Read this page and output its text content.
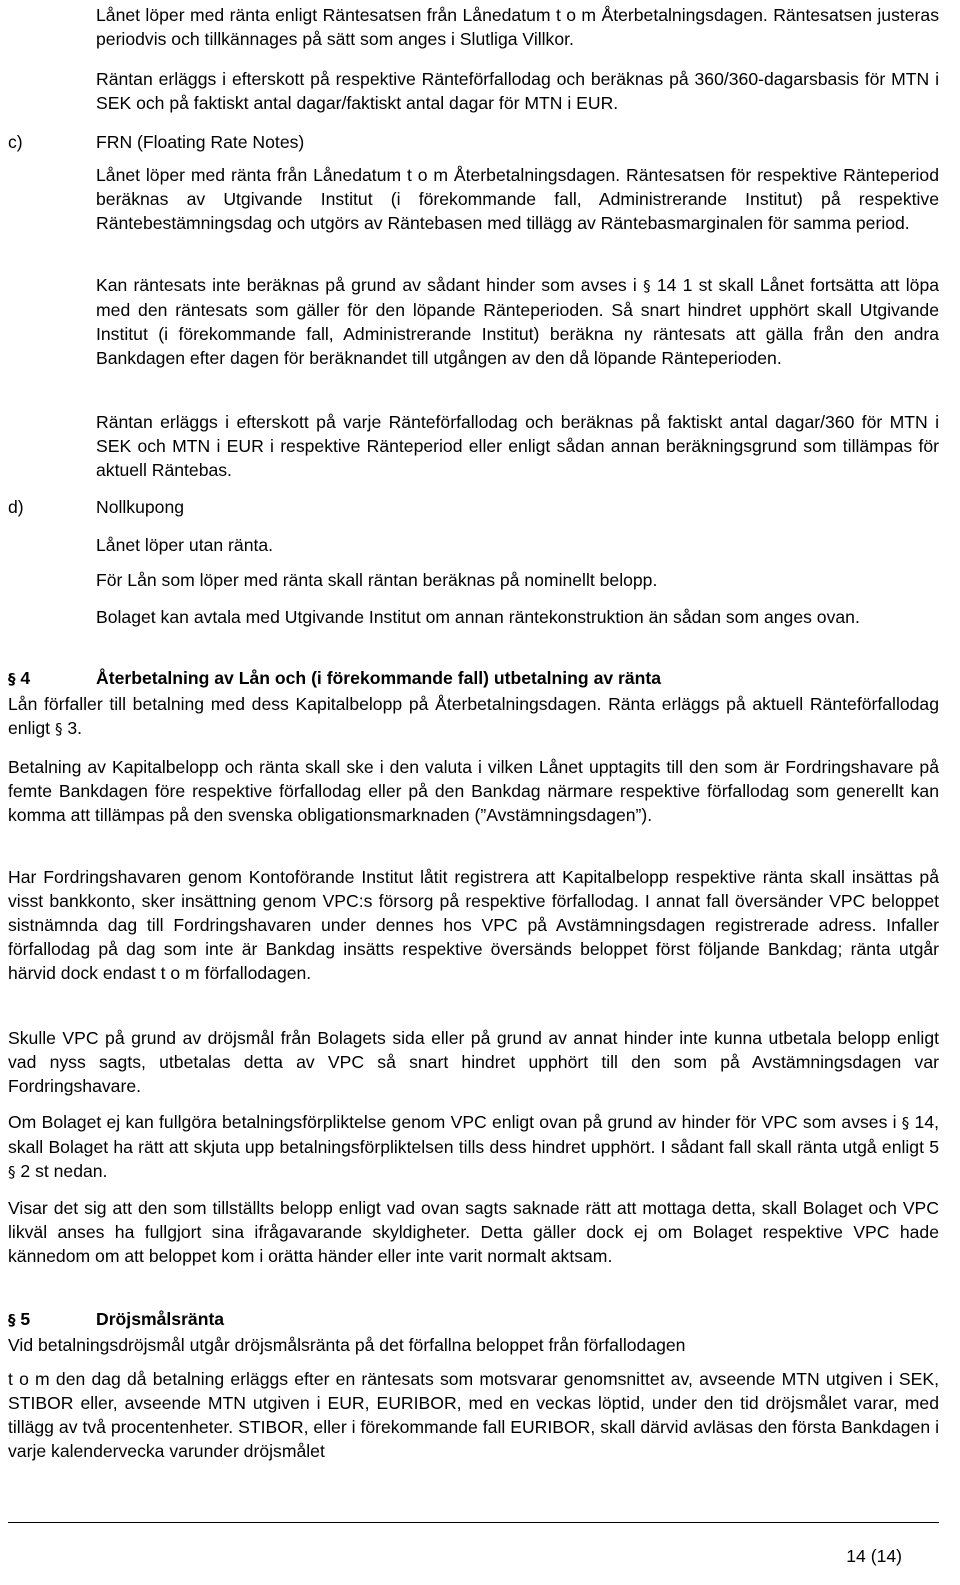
Lånet löper med ränta enligt Räntesatsen från Lånedatum t o m Återbetalningsdagen. Räntesatsen justeras periodvis och tillkännages på sätt som anges i Slutliga Villkor.

Räntan erläggs i efterskott på respektive Ränteförfallodag och beräknas på 360/360-dagarsbasis för MTN i SEK och på faktiskt antal dagar/faktiskt antal dagar för MTN i EUR.

c)	FRN (Floating Rate Notes)

Lånet löper med ränta från Lånedatum t o m Återbetalningsdagen. Räntesatsen för respektive Ränteperiod beräknas av Utgivande Institut (i förekommande fall, Administrerande Institut) på respektive Räntebestämningsdag och utgörs av Räntebasen med tillägg av Räntebasmarginalen för samma period.

Kan räntesats inte beräknas på grund av sådant hinder som avses i § 14 1 st skall Lånet fortsätta att löpa med den räntesats som gäller för den löpande Ränteperioden. Så snart hindret upphört skall Utgivande Institut (i förekommande fall, Administrerande Institut) beräkna ny räntesats att gälla från den andra Bankdagen efter dagen för beräknandet till utgången av den då löpande Ränteperioden.

Räntan erläggs i efterskott på varje Ränteförfallodag och beräknas på faktiskt antal dagar/360 för MTN i SEK och MTN i EUR i respektive Ränteperiod eller enligt sådan annan beräkningsgrund som tillämpas för aktuell Räntebas.

d)	Nollkupong

Lånet löper utan ränta.

För Lån som löper med ränta skall räntan beräknas på nominellt belopp.

Bolaget kan avtala med Utgivande Institut om annan räntekonstruktion än sådan som anges ovan.

§ 4	Återbetalning av Lån och (i förekommande fall) utbetalning av ränta

Lån förfaller till betalning med dess Kapitalbelopp på Återbetalningsdagen. Ränta erläggs på aktuell Ränteförfallodag enligt § 3.

Betalning av Kapitalbelopp och ränta skall ske i den valuta i vilken Lånet upptagits till den som är Fordringshavare på femte Bankdagen före respektive förfallodag eller på den Bankdag närmare respektive förfallodag som generellt kan komma att tillämpas på den svenska obligationsmarknaden (”Avstämningsdagen”).

Har Fordringshavaren genom Kontoförande Institut låtit registrera att Kapitalbelopp respektive ränta skall insättas på visst bankkonto, sker insättning genom VPC:s försorg på respektive förfallodag. I annat fall översänder VPC beloppet sistnämnda dag till Fordringshavaren under dennes hos VPC på Avstämningsdagen registrerade adress. Infaller förfallodag på dag som inte är Bankdag insätts respektive översänds beloppet först följande Bankdag; ränta utgår härvid dock endast t o m förfallodagen.

Skulle VPC på grund av dröjsmål från Bolagets sida eller på grund av annat hinder inte kunna utbetala belopp enligt vad nyss sagts, utbetalas detta av VPC så snart hindret upphört till den som på Avstämningsdagen var Fordringshavare.

Om Bolaget ej kan fullgöra betalningsförpliktelse genom VPC enligt ovan på grund av hinder för VPC som avses i § 14, skall Bolaget ha rätt att skjuta upp betalningsförpliktelsen tills dess hindret upphört. I sådant fall skall ränta utgå enligt 5 § 2 st nedan.

Visar det sig att den som tillställts belopp enligt vad ovan sagts saknade rätt att mottaga detta, skall Bolaget och VPC likväl anses ha fullgjort sina ifrågavarande skyldigheter. Detta gäller dock ej om Bolaget respektive VPC hade kännedom om att beloppet kom i orätta händer eller inte varit normalt aktsam.

§ 5	Dröjsmålsränta

Vid betalningsdröjsmål utgår dröjsmålsränta på det förfallna beloppet från förfallodagen

t o m den dag då betalning erläggs efter en räntesats som motsvarar genomsnittet av, avseende MTN utgiven i SEK, STIBOR eller, avseende MTN utgiven i EUR, EURIBOR, med en veckas löptid, under den tid dröjsmålet varar, med tillägg av två procentenheter. STIBOR, eller i förekommande fall EURIBOR, skall därvid avläsas den första Bankdagen i varje kalendervecka varunder dröjsmålet

14 (14)
